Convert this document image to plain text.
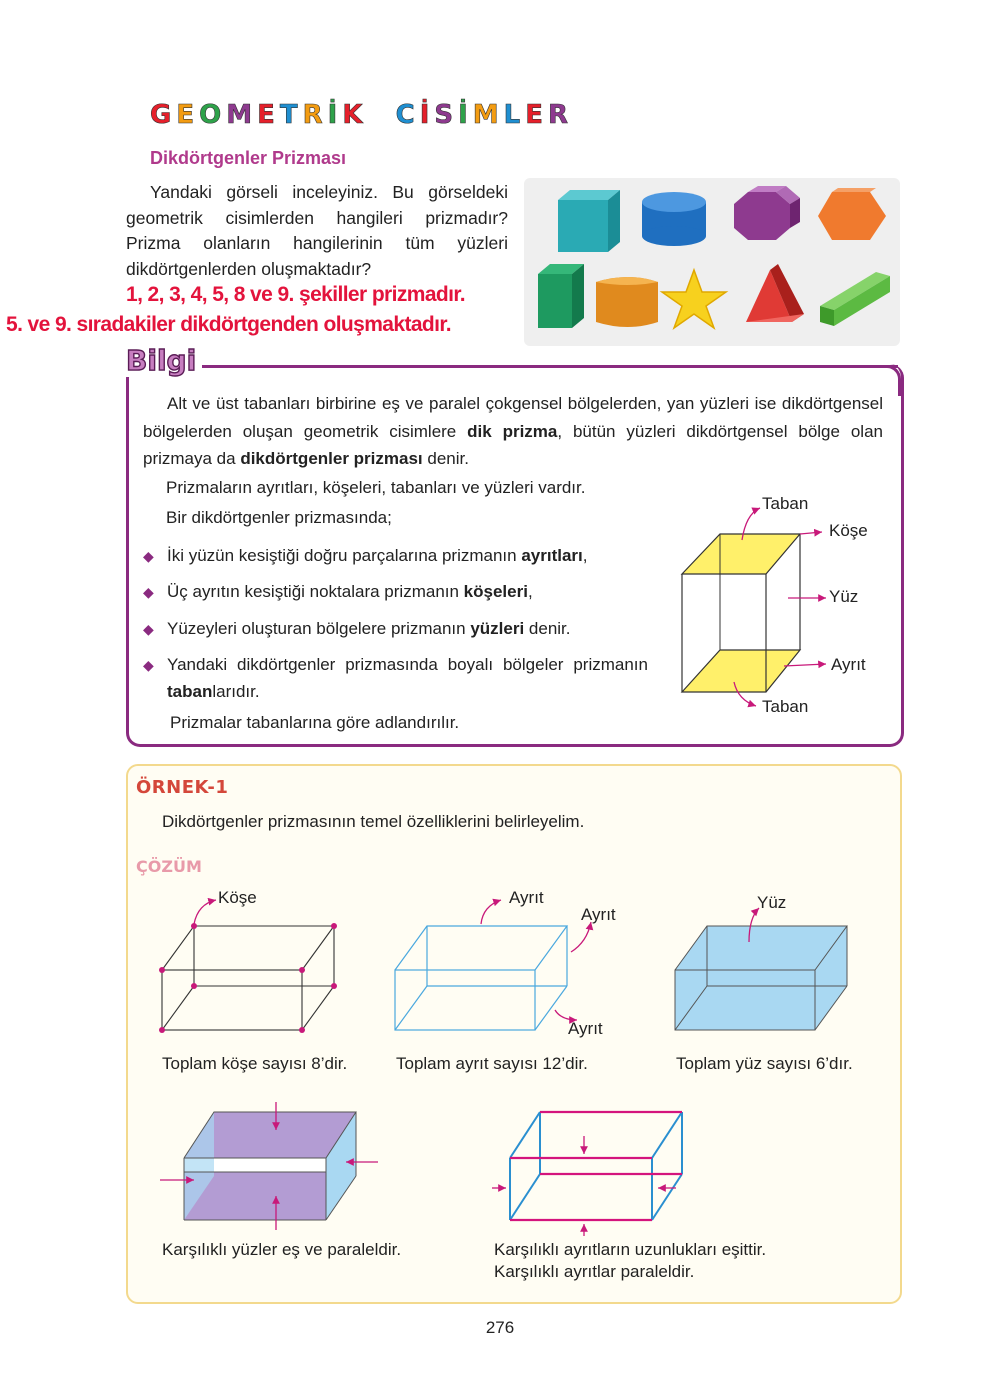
GEOMETRİK CİSİMLER
Dikdörtgenler Prizması

Yandaki görseli inceleyiniz. Bu görseldeki geometrik cisimlerden hangileri prizmadır? Prizma olanların hangilerinin tüm yüzleri dikdörtgenlerden oluşmaktadır?

1, 2, 3, 4, 5, 8 ve 9. şekiller prizmadır.
5. ve 9. sıradakiler dikdörtgenden oluşmaktadır.
Bilgi

Alt ve üst tabanları birbirine eş ve paralel çokgensel bölgelerden, yan yüzleri ise dikdörtgensel bölgelerden oluşan geometrik cisimlere dik prizma, bütün yüzleri dikdörtgensel bölge olan prizmaya da dikdörtgenler prizması denir.

Prizmaların ayrıtları, köşeleri, tabanları ve yüzleri vardır.
Bir dikdörtgenler prizmasında;
◆ İki yüzün kesiştiği doğru parçalarına prizmanın ayrıtları,
◆ Üç ayrıtın kesiştiği noktalara prizmanın köşeleri,
◆ Yüzeyleri oluşturan bölgelere prizmanın yüzleri denir.
◆ Yandaki dikdörtgenler prizmasında boyalı bölgeler prizmanın tabanlarıdır.
Prizmalar tabanlarına göre adlandırılır.
Taban
Köşe
Yüz
Ayrıt
Taban
ÖRNEK-1
Dikdörtgenler prizmasının temel özelliklerini belirleyelim.
ÇÖZÜM
Köşe
Toplam köşe sayısı 8’dir.
Ayrıt
Ayrıt
Ayrıt
Toplam ayrıt sayısı 12’dir.
Yüz
Toplam yüz sayısı 6’dır.
Karşılıklı yüzler eş ve paraleldir.	Karşılıklı ayrıtların uzunlukları eşittir.
Karşılıklı ayrıtlar paraleldir.
276
